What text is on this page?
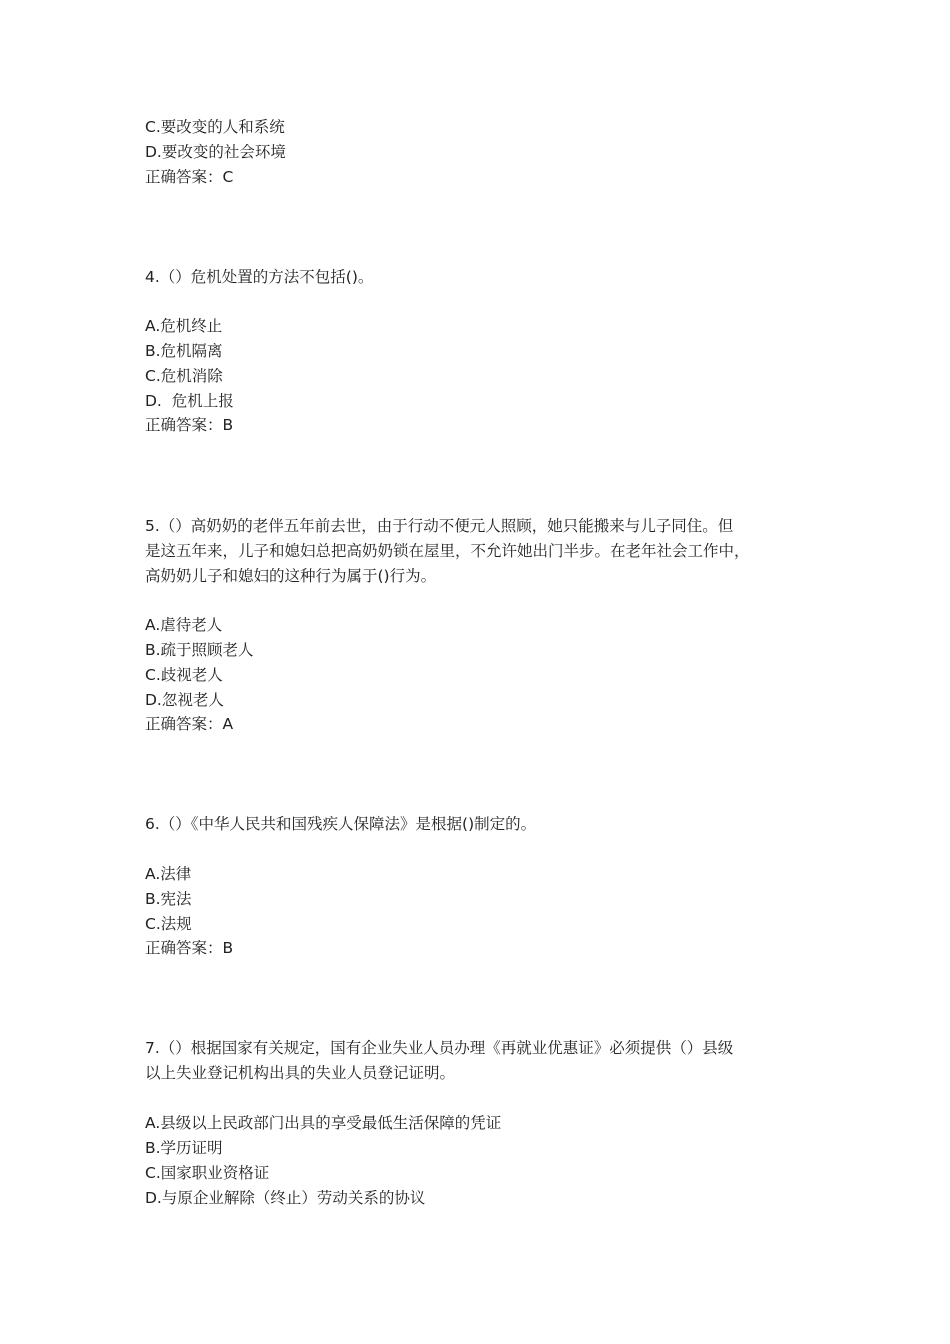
C.要改变的人和系统
D.要改变的社会环境
正确答案：C
4.（）危机处置的方法不包括()。
A.危机终止
B.危机隔离
C.危机消除
D.  危机上报
正确答案：B
5.（）高奶奶的老伴五年前去世，由于行动不便元人照顾，她只能搬来与儿子同住。但
是这五年来，儿子和媳妇总把高奶奶锁在屋里，不允许她出门半步。在老年社会工作中，
高奶奶儿子和媳妇的这种行为属于()行为。
A.虐待老人
B.疏于照顾老人
C.歧视老人
D.忽视老人
正确答案：A
6.（）《中华人民共和国残疾人保障法》是根据()制定的。
A.法律
B.宪法
C.法规
正确答案：B
7.（）根据国家有关规定，国有企业失业人员办理《再就业优惠证》必须提供（）县级
以上失业登记机构出具的失业人员登记证明。
A.县级以上民政部门出具的享受最低生活保障的凭证
B.学历证明
C.国家职业资格证
D.与原企业解除（终止）劳动关系的协议
